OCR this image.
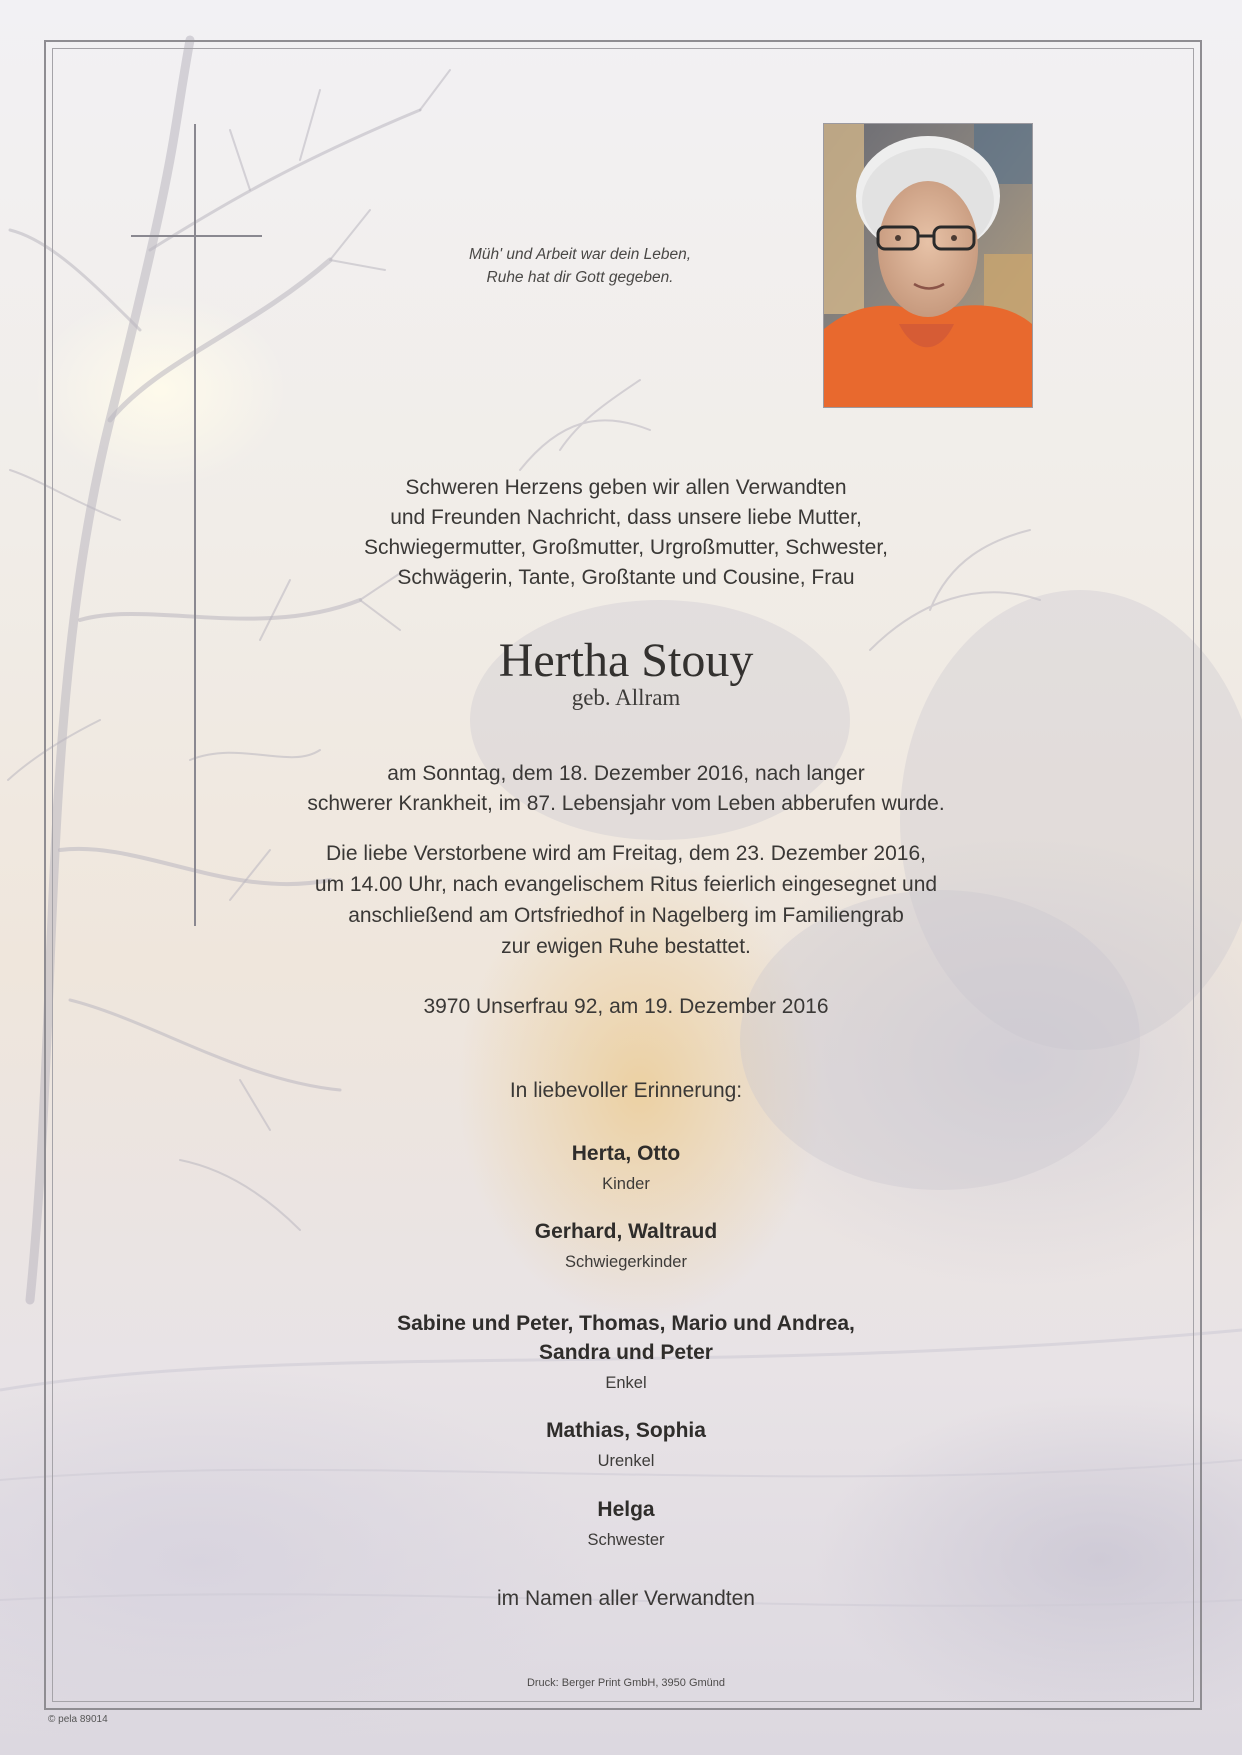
Müh' und Arbeit war dein Leben,
Ruhe hat dir Gott gegeben.
Schweren Herzens geben wir allen Verwandten
und Freunden Nachricht, dass unsere liebe Mutter,
Schwiegermutter, Großmutter, Urgroßmutter, Schwester,
Schwägerin, Tante, Großtante und Cousine, Frau
Hertha Stouy
geb. Allram
am Sonntag, dem 18. Dezember 2016, nach langer
schwerer Krankheit, im 87. Lebensjahr vom Leben abberufen wurde.
Die liebe Verstorbene wird am Freitag, dem 23. Dezember 2016,
um 14.00 Uhr, nach evangelischem Ritus feierlich eingesegnet und
anschließend am Ortsfriedhof in Nagelberg im Familiengrab
zur ewigen Ruhe bestattet.
3970 Unserfrau 92, am 19. Dezember 2016
In liebevoller Erinnerung:
Herta, Otto
Kinder
Gerhard, Waltraud
Schwiegerkinder
Sabine und Peter, Thomas, Mario und Andrea,
Sandra und Peter
Enkel
Mathias, Sophia
Urenkel
Helga
Schwester
im Namen aller Verwandten
Druck: Berger Print GmbH, 3950 Gmünd
© pela 89014
